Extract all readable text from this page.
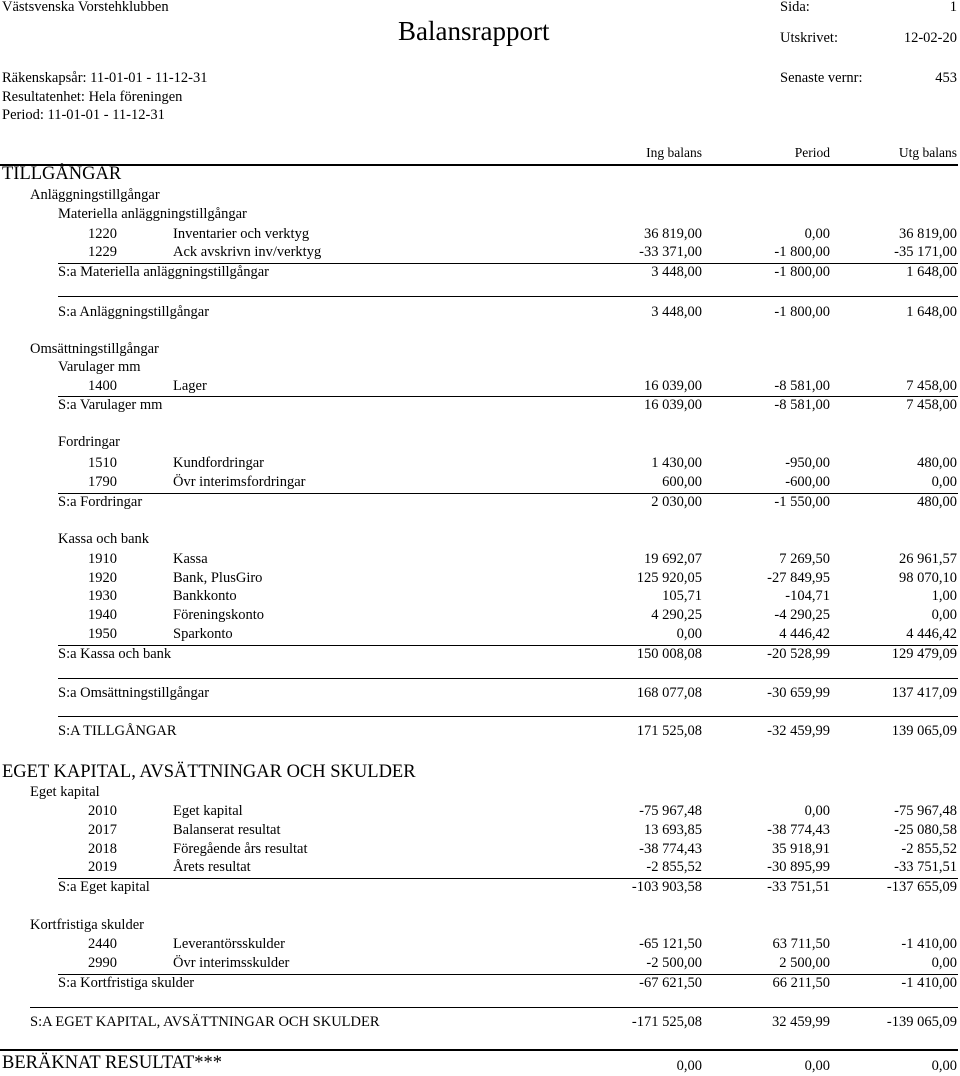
Västsvenska Vorstehklubben	Sida:	1
Balansrapport	Utskrivet:	12-02-20
Räkenskapsår: 11-01-01 - 11-12-31	Senaste vernr:	453
Resultatenhet: Hela föreningen
Period: 11-01-01 - 11-12-31
Ing balans	Period	Utg balans
TILLGÅNGAR
Anläggningstillgångar
Materiella anläggningstillgångar
1220	Inventarier och verktyg	36 819,00	0,00	36 819,00
1229	Ack avskrivn inv/verktyg	-33 371,00	-1 800,00	-35 171,00
S:a Materiella anläggningstillgångar	3 448,00	-1 800,00	1 648,00
S:a Anläggningstillgångar	3 448,00	-1 800,00	1 648,00
Omsättningstillgångar
Varulager mm
1400	Lager	16 039,00	-8 581,00	7 458,00
S:a Varulager mm	16 039,00	-8 581,00	7 458,00
Fordringar
1510	Kundfordringar	1 430,00	-950,00	480,00
1790	Övr interimsfordringar	600,00	-600,00	0,00
S:a Fordringar	2 030,00	-1 550,00	480,00
Kassa och bank
1910	Kassa	19 692,07	7 269,50	26 961,57
1920	Bank, PlusGiro	125 920,05	-27 849,95	98 070,10
1930	Bankkonto	105,71	-104,71	1,00
1940	Föreningskonto	4 290,25	-4 290,25	0,00
1950	Sparkonto	0,00	4 446,42	4 446,42
S:a Kassa och bank	150 008,08	-20 528,99	129 479,09
S:a Omsättningstillgångar	168 077,08	-30 659,99	137 417,09
S:A TILLGÅNGAR	171 525,08	-32 459,99	139 065,09
EGET KAPITAL, AVSÄTTNINGAR OCH SKULDER
Eget kapital
2010	Eget kapital	-75 967,48	0,00	-75 967,48
2017	Balanserat resultat	13 693,85	-38 774,43	-25 080,58
2018	Föregående års resultat	-38 774,43	35 918,91	-2 855,52
2019	Årets resultat	-2 855,52	-30 895,99	-33 751,51
S:a Eget kapital	-103 903,58	-33 751,51	-137 655,09
Kortfristiga skulder
2440	Leverantörsskulder	-65 121,50	63 711,50	-1 410,00
2990	Övr interimsskulder	-2 500,00	2 500,00	0,00
S:a Kortfristiga skulder	-67 621,50	66 211,50	-1 410,00
S:A EGET KAPITAL, AVSÄTTNINGAR OCH SKULDER	-171 525,08	32 459,99	-139 065,09
BERÄKNAT RESULTAT***	0,00	0,00	0,00
